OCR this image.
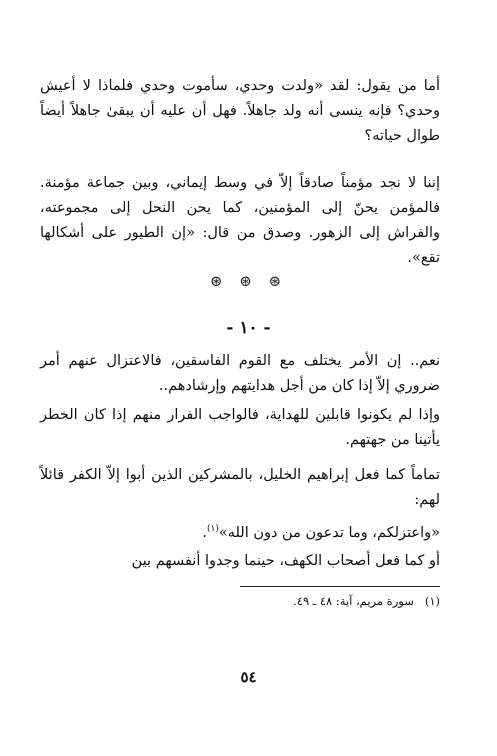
أما من يقول: لقد «ولدت وحدي، سأموت وحدي فلماذا لا أعيش وحدي؟ فإنه ينسى أنه ولد جاهلاً. فهل أن عليه أن يبقىٰ جاهلاً أيضاً طوال حياته؟

إننا لا نجد مؤمناً صادقاً إلاّ في وسط إيماني، وبين جماعة مؤمنة. فالمؤمن يحنّ إلى المؤمنين، كما يحن النحل إلى مجموعته، والفراش إلى الزهور. وصدق من قال: «إن الطيور على أشكالها تقع».

⊛ ⊛ ⊛
- ١٠ -

نعم.. إن الأمر يختلف مع القوم الفاسقين، فالاعتزال عنهم أمر ضروري إلاّ إذا كان من أجل هدايتهم وإرشادهم..

وإذا لم يكونوا قابلين للهداية، فالواجب الفرار منهم إذا كان الخطر يأتينا من جهتهم.

تماماً كما فعل إبراهيم الخليل، بالمشركين الذين أبوا إلاّ الكفر قائلاً لهم:

«واعتزلكم، وما تدعون من دون الله»$^{(١)}$.

أو كما فعل أصحاب الكهف، حينما وجدوا أنفسهم بين

(١)   سورة مريم، آية: ٤٨ ـ ٤٩.
٥٤
